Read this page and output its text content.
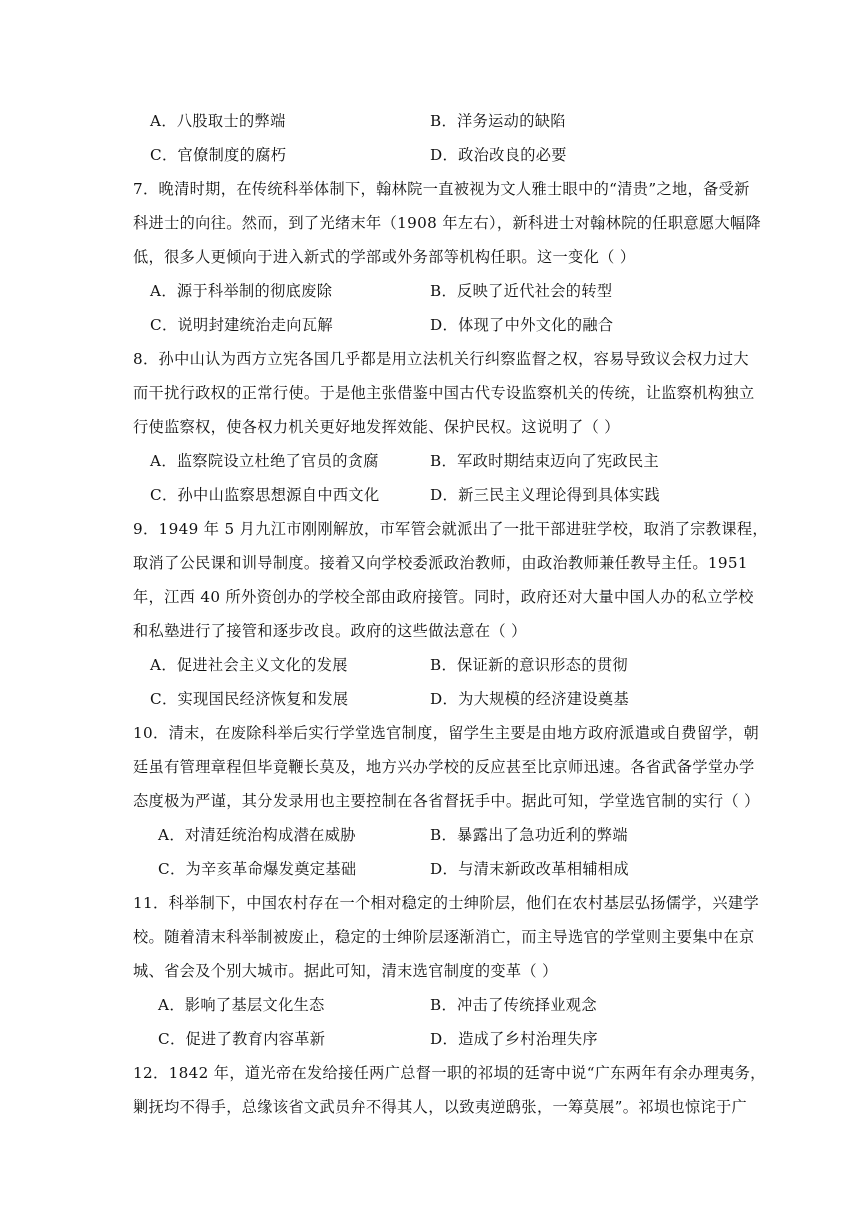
A．八股取士的弊端	B．洋务运动的缺陷
C．官僚制度的腐朽	D．政治改良的必要
7．晚清时期，在传统科举体制下，翰林院一直被视为文人雅士眼中的“清贵”之地，备受新
科进士的向往。然而，到了光绪末年（1908 年左右），新科进士对翰林院的任职意愿大幅降
低，很多人更倾向于进入新式的学部或外务部等机构任职。这一变化（ ）
A．源于科举制的彻底废除	B．反映了近代社会的转型
C．说明封建统治走向瓦解	D．体现了中外文化的融合
8．孙中山认为西方立宪各国几乎都是用立法机关行纠察监督之权，容易导致议会权力过大
而干扰行政权的正常行使。于是他主张借鉴中国古代专设监察机关的传统，让监察机构独立
行使监察权，使各权力机关更好地发挥效能、保护民权。这说明了（ ）
A．监察院设立杜绝了官员的贪腐	B．军政时期结束迈向了宪政民主
C．孙中山监察思想源自中西文化	D．新三民主义理论得到具体实践
9．1949 年 5 月九江市刚刚解放，市军管会就派出了一批干部进驻学校，取消了宗教课程，
取消了公民课和训导制度。接着又向学校委派政治教师，由政治教师兼任教导主任。1951
年，江西 40 所外资创办的学校全部由政府接管。同时，政府还对大量中国人办的私立学校
和私塾进行了接管和逐步改良。政府的这些做法意在（ ）
A．促进社会主义文化的发展	B．保证新的意识形态的贯彻
C．实现国民经济恢复和发展	D．为大规模的经济建设奠基
10．清末，在废除科举后实行学堂选官制度，留学生主要是由地方政府派遣或自费留学，朝
廷虽有管理章程但毕竟鞭长莫及，地方兴办学校的反应甚至比京师迅速。各省武备学堂办学
态度极为严谨，其分发录用也主要控制在各省督抚手中。据此可知，学堂选官制的实行（ ）
A．对清廷统治构成潜在威胁	B．暴露出了急功近利的弊端
C．为辛亥革命爆发奠定基础	D．与清末新政改革相辅相成
11．科举制下，中国农村存在一个相对稳定的士绅阶层，他们在农村基层弘扬儒学，兴建学
校。随着清末科举制被废止，稳定的士绅阶层逐渐消亡，而主导选官的学堂则主要集中在京
城、省会及个别大城市。据此可知，清末选官制度的变革（ ）
A．影响了基层文化生态	B．冲击了传统择业观念
C．促进了教育内容革新	D．造成了乡村治理失序
12．1842 年，道光帝在发给接任两广总督一职的祁埙的廷寄中说“广东两年有余办理夷务，
剿抚均不得手，总缘该省文武员弁不得其人，以致夷逆鸱张，一筹莫展”。祁埙也惊诧于广
